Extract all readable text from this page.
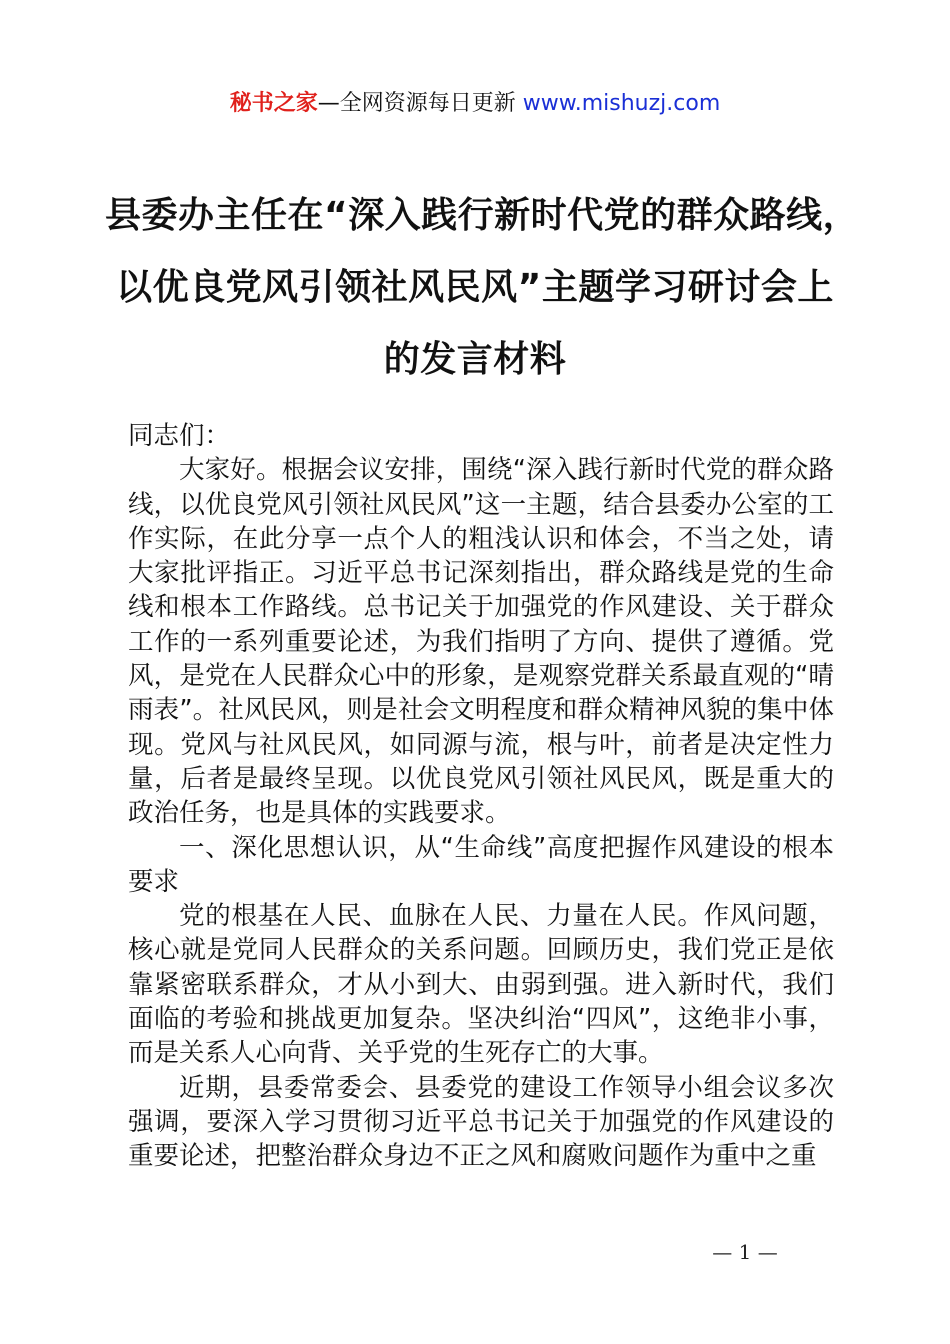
秘书之家—全网资源每日更新 www.mishuzj.com
县委办主任在“深入践行新时代党的群众路线，
以优良党风引领社风民风”主题学习研讨会上
的发言材料

同志们：

大家好。根据会议安排，围绕“深入践行新时代党的群众路线，以优良党风引领社风民风”这一主题，结合县委办公室的工作实际，在此分享一点个人的粗浅认识和体会，不当之处，请大家批评指正。习近平总书记深刻指出，群众路线是党的生命线和根本工作路线。总书记关于加强党的作风建设、关于群众工作的一系列重要论述，为我们指明了方向、提供了遵循。党风，是党在人民群众心中的形象，是观察党群关系最直观的“晴雨表”。社风民风，则是社会文明程度和群众精神风貌的集中体现。党风与社风民风，如同源与流，根与叶，前者是决定性力量，后者是最终呈现。以优良党风引领社风民风，既是重大的政治任务，也是具体的实践要求。

一、深化思想认识，从“生命线”高度把握作风建设的根本要求

党的根基在人民、血脉在人民、力量在人民。作风问题，核心就是党同人民群众的关系问题。回顾历史，我们党正是依靠紧密联系群众，才从小到大、由弱到强。进入新时代，我们面临的考验和挑战更加复杂。坚决纠治“四风”，这绝非小事，而是关系人心向背、关乎党的生死存亡的大事。

近期，县委常委会、县委党的建设工作领导小组会议多次强调，要深入学习贯彻习近平总书记关于加强党的作风建设的重要论述，把整治群众身边不正之风和腐败问题作为重中之重

— 1 —
